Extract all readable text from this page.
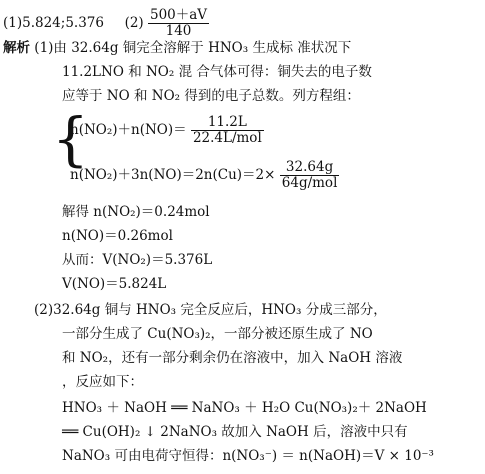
(1)5.824;5.376 $(2) \frac{500+aV}{140}$
解析 (1)由 32.64g 铜完全溶解于 HNO₃ 生成标 准状况下
11.2LNO 和 NO₂ 混 合气体可得：铜失去的电子数
应等于 NO 和 NO₂ 得到的电子总数。列方程组：
{
$n(NO_2)+n(NO)= \frac{11.2L}{\text{22.4L/mol}}$
$n(NO_2)+3n(NO)=2n(Cu)=2\times \frac{32.64g}{\text{64g/mol}}$
解得 n(NO₂)＝0.24mol
n(NO)＝0.26mol
从而：V(NO₂)＝5.376L
V(NO)＝5.824L
(2)32.64g 铜与 HNO₃ 完全反应后，HNO₃ 分成三部分，
一部分生成了 Cu(NO₃)₂，一部分被还原生成了 NO
和 NO₂，还有一部分剩余仍在溶液中，加入 NaOH 溶液
，反应如下：
HNO₃ ＋ NaOH ══ NaNO₃ ＋ H₂O Cu(NO₃)₂＋ 2NaOH
══ Cu(OH)₂ ↓ 2NaNO₃ 故加入 NaOH 后，溶液中只有
NaNO₃ 可由电荷守恒得：n(NO₃⁻) ＝ n(NaOH)＝V × 10⁻³
